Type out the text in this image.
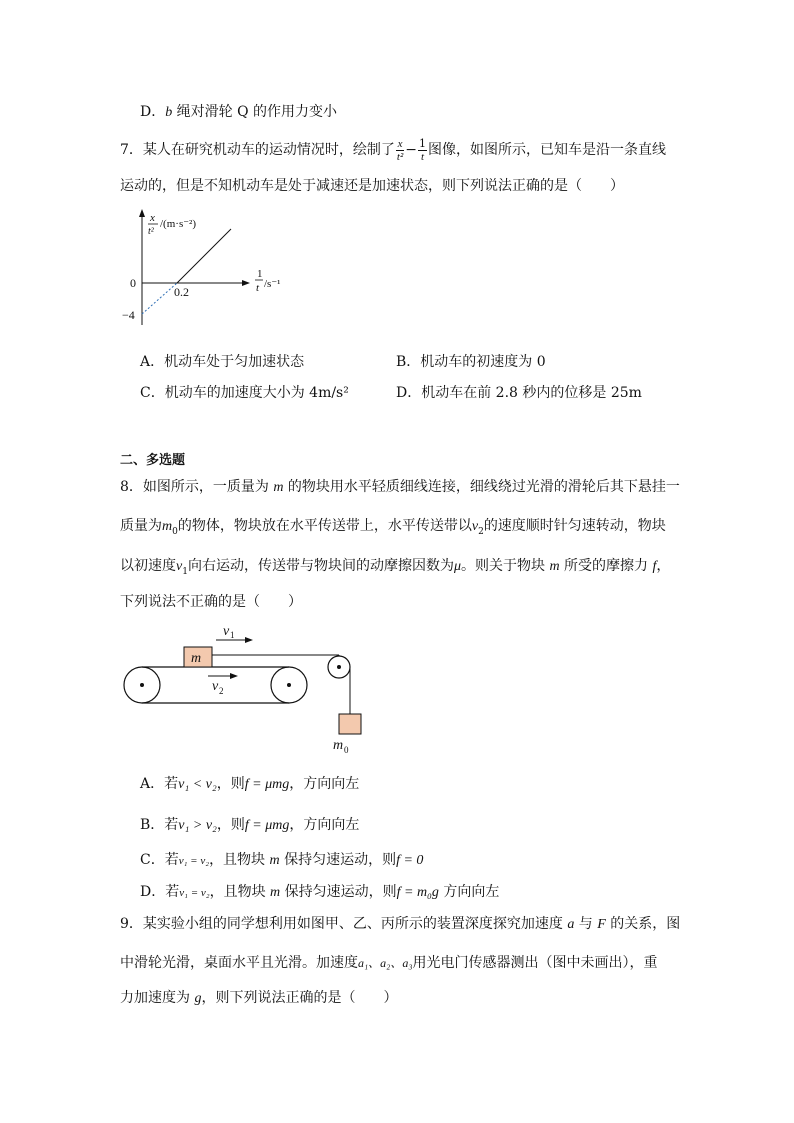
D．b 绳对滑轮 Q 的作用力变小
7．某人在研究机动车的运动情况时，绘制了 $\frac{x}{\text{t²}} - \frac{1}{t}$ 图像，如图所示，已知车是沿一条直线
运动的，但是不知机动车是处于减速还是加速状态，则下列说法正确的是（　　）
x
t²
/(m·s⁻²)
1
t /s⁻¹
0
0.2
−4
A．机动车处于匀加速状态	B．机动车的初速度为 0
C．机动车的加速度大小为 4m/s²	D．机动车在前 2.8 秒内的位移是 25m
二、多选题
8．如图所示，一质量为 m 的物块用水平轻质细线连接，细线绕过光滑的滑轮后其下悬挂一
质量为$m_0$的物体，物块放在水平传送带上，水平传送带以$v_2$的速度顺时针匀速转动，物块
以初速度$v_1$向右运动，传送带与物块间的动摩擦因数为μ。则关于物块 m 所受的摩擦力 f，
下列说法不正确的是（　　）
m
m 0
v 1
v 2
A．若v₁ < v₂，则f = μmg，方向向左
B．若v₁ > v₂，则f = μmg，方向向左
C．若v₁ = v₂，且物块 m 保持匀速运动，则f = 0
D．若v₁ = v₂，且物块 m 保持匀速运动，则f = m₀g 方向向左
9．某实验小组的同学想利用如图甲、乙、丙所示的装置深度探究加速度 a 与 F 的关系，图
中滑轮光滑，桌面水平且光滑。加速度a₁、a₂、a₃用光电门传感器测出（图中未画出），重
力加速度为 g，则下列说法正确的是（　　）
